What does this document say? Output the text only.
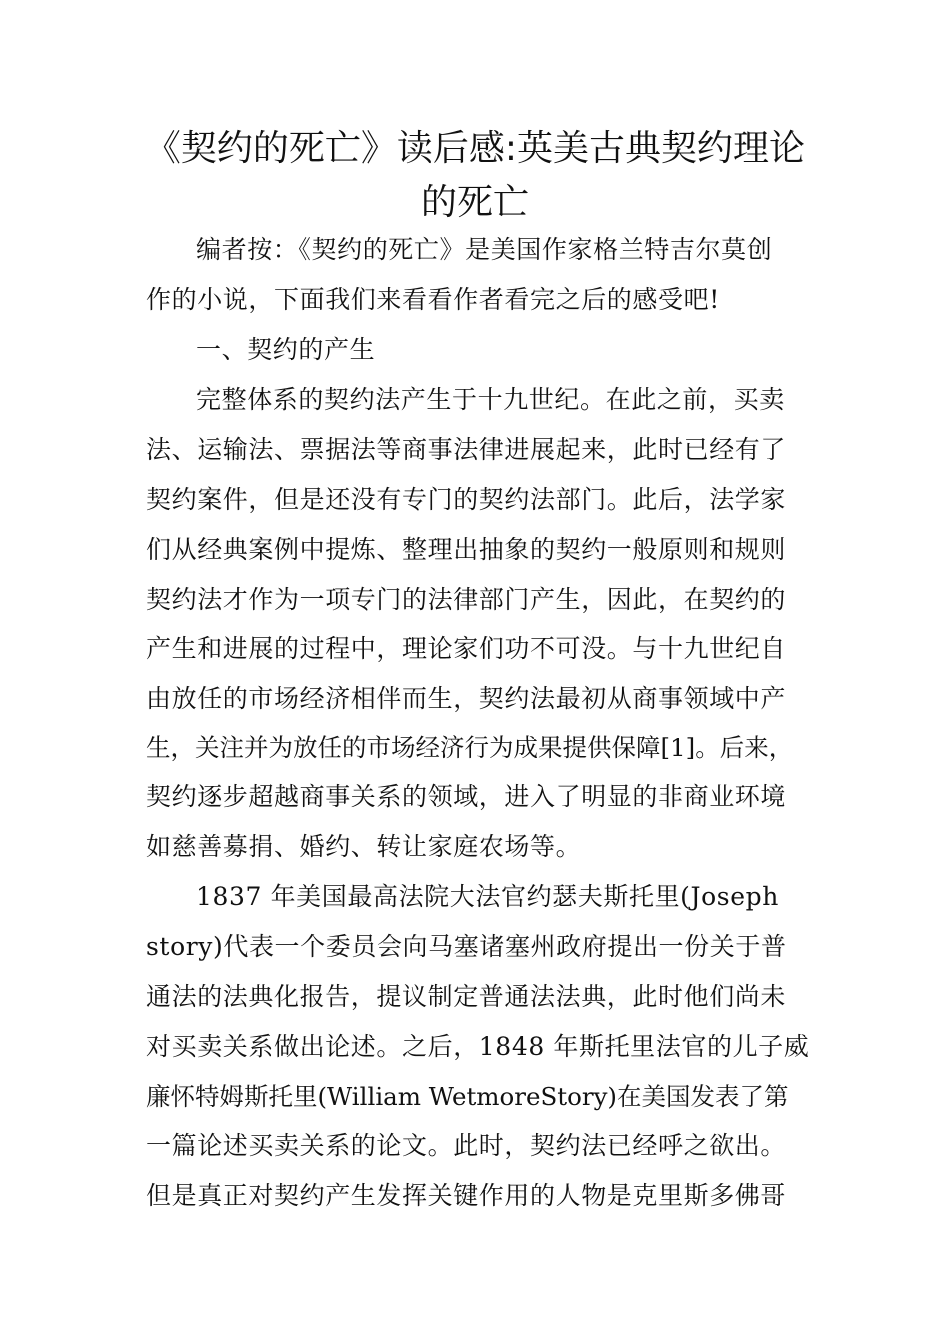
《契约的死亡》读后感:英美古典契约理论
的死亡
编者按：《契约的死亡》是美国作家格兰特吉尔莫创
作的小说，下面我们来看看作者看完之后的感受吧!
一、契约的产生
完整体系的契约法产生于十九世纪。在此之前，买卖
法、运输法、票据法等商事法律进展起来，此时已经有了
契约案件，但是还没有专门的契约法部门。此后，法学家
们从经典案例中提炼、整理出抽象的契约一般原则和规则
契约法才作为一项专门的法律部门产生，因此，在契约的
产生和进展的过程中，理论家们功不可没。与十九世纪自
由放任的市场经济相伴而生，契约法最初从商事领域中产
生，关注并为放任的市场经济行为成果提供保障[1]。后来，
契约逐步超越商事关系的领域，进入了明显的非商业环境
如慈善募捐、婚约、转让家庭农场等。
1837 年美国最高法院大法官约瑟夫斯托里(Joseph
story)代表一个委员会向马塞诸塞州政府提出一份关于普
通法的法典化报告，提议制定普通法法典，此时他们尚未
对买卖关系做出论述。之后，1848 年斯托里法官的儿子威
廉怀特姆斯托里(William WetmoreStory)在美国发表了第
一篇论述买卖关系的论文。此时，契约法已经呼之欲出。
但是真正对契约产生发挥关键作用的人物是克里斯多佛哥
